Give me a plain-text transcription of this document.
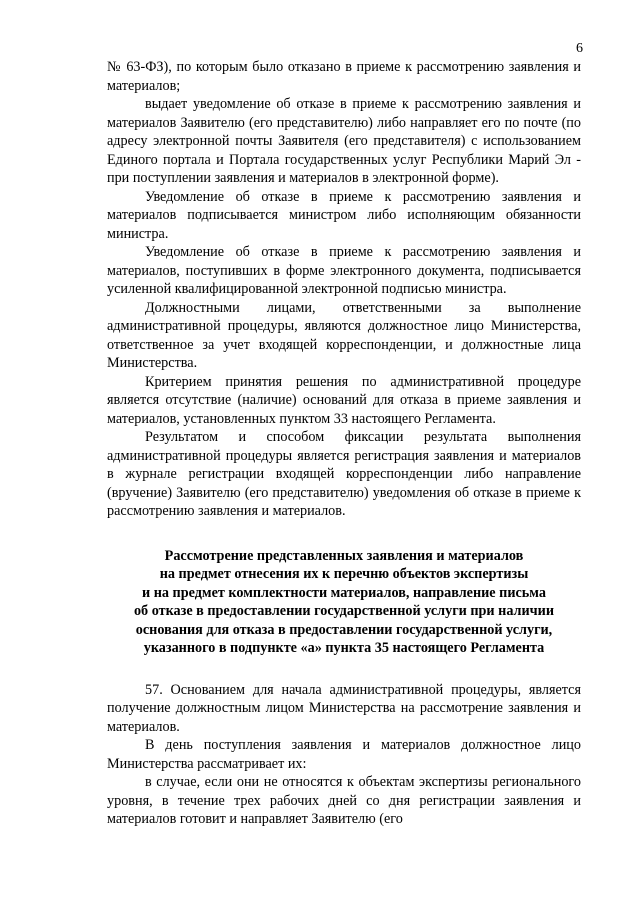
6

№ 63-ФЗ), по которым было отказано в приеме к рассмотрению заявления и материалов;

выдает уведомление об отказе в приеме к рассмотрению заявления и материалов Заявителю (его представителю) либо направляет его по почте (по адресу электронной почты Заявителя (его представителя) с использованием Единого портала и Портала государственных услуг Республики Марий Эл - при поступлении заявления и материалов в электронной форме).

Уведомление об отказе в приеме к рассмотрению заявления и материалов подписывается министром либо исполняющим обязанности министра.

Уведомление об отказе в приеме к рассмотрению заявления и материалов, поступивших в форме электронного документа, подписывается усиленной квалифицированной электронной подписью министра.

Должностными лицами, ответственными за выполнение административной процедуры, являются должностное лицо Министерства, ответственное за учет входящей корреспонденции, и должностные лица Министерства.

Критерием принятия решения по административной процедуре является отсутствие (наличие) оснований для отказа в приеме заявления и материалов, установленных пунктом 33 настоящего Регламента.

Результатом и способом фиксации результата выполнения административной процедуры является регистрация заявления и материалов в журнале регистрации входящей корреспонденции либо направление (вручение) Заявителю (его представителю) уведомления об отказе в приеме к рассмотрению заявления и материалов.

Рассмотрение представленных заявления и материалов
на предмет отнесения их к перечню объектов экспертизы
и на предмет комплектности материалов, направление письма
об отказе в предоставлении государственной услуги при наличии
основания для отказа в предоставлении государственной услуги,
указанного в подпункте «а» пункта 35 настоящего Регламента

57. Основанием для начала административной процедуры, является получение должностным лицом Министерства на рассмотрение заявления и материалов.

В день поступления заявления и материалов должностное лицо Министерства рассматривает их:

в случае, если они не относятся к объектам экспертизы регионального уровня, в течение трех рабочих дней со дня регистрации заявления и материалов готовит и направляет Заявителю (его
